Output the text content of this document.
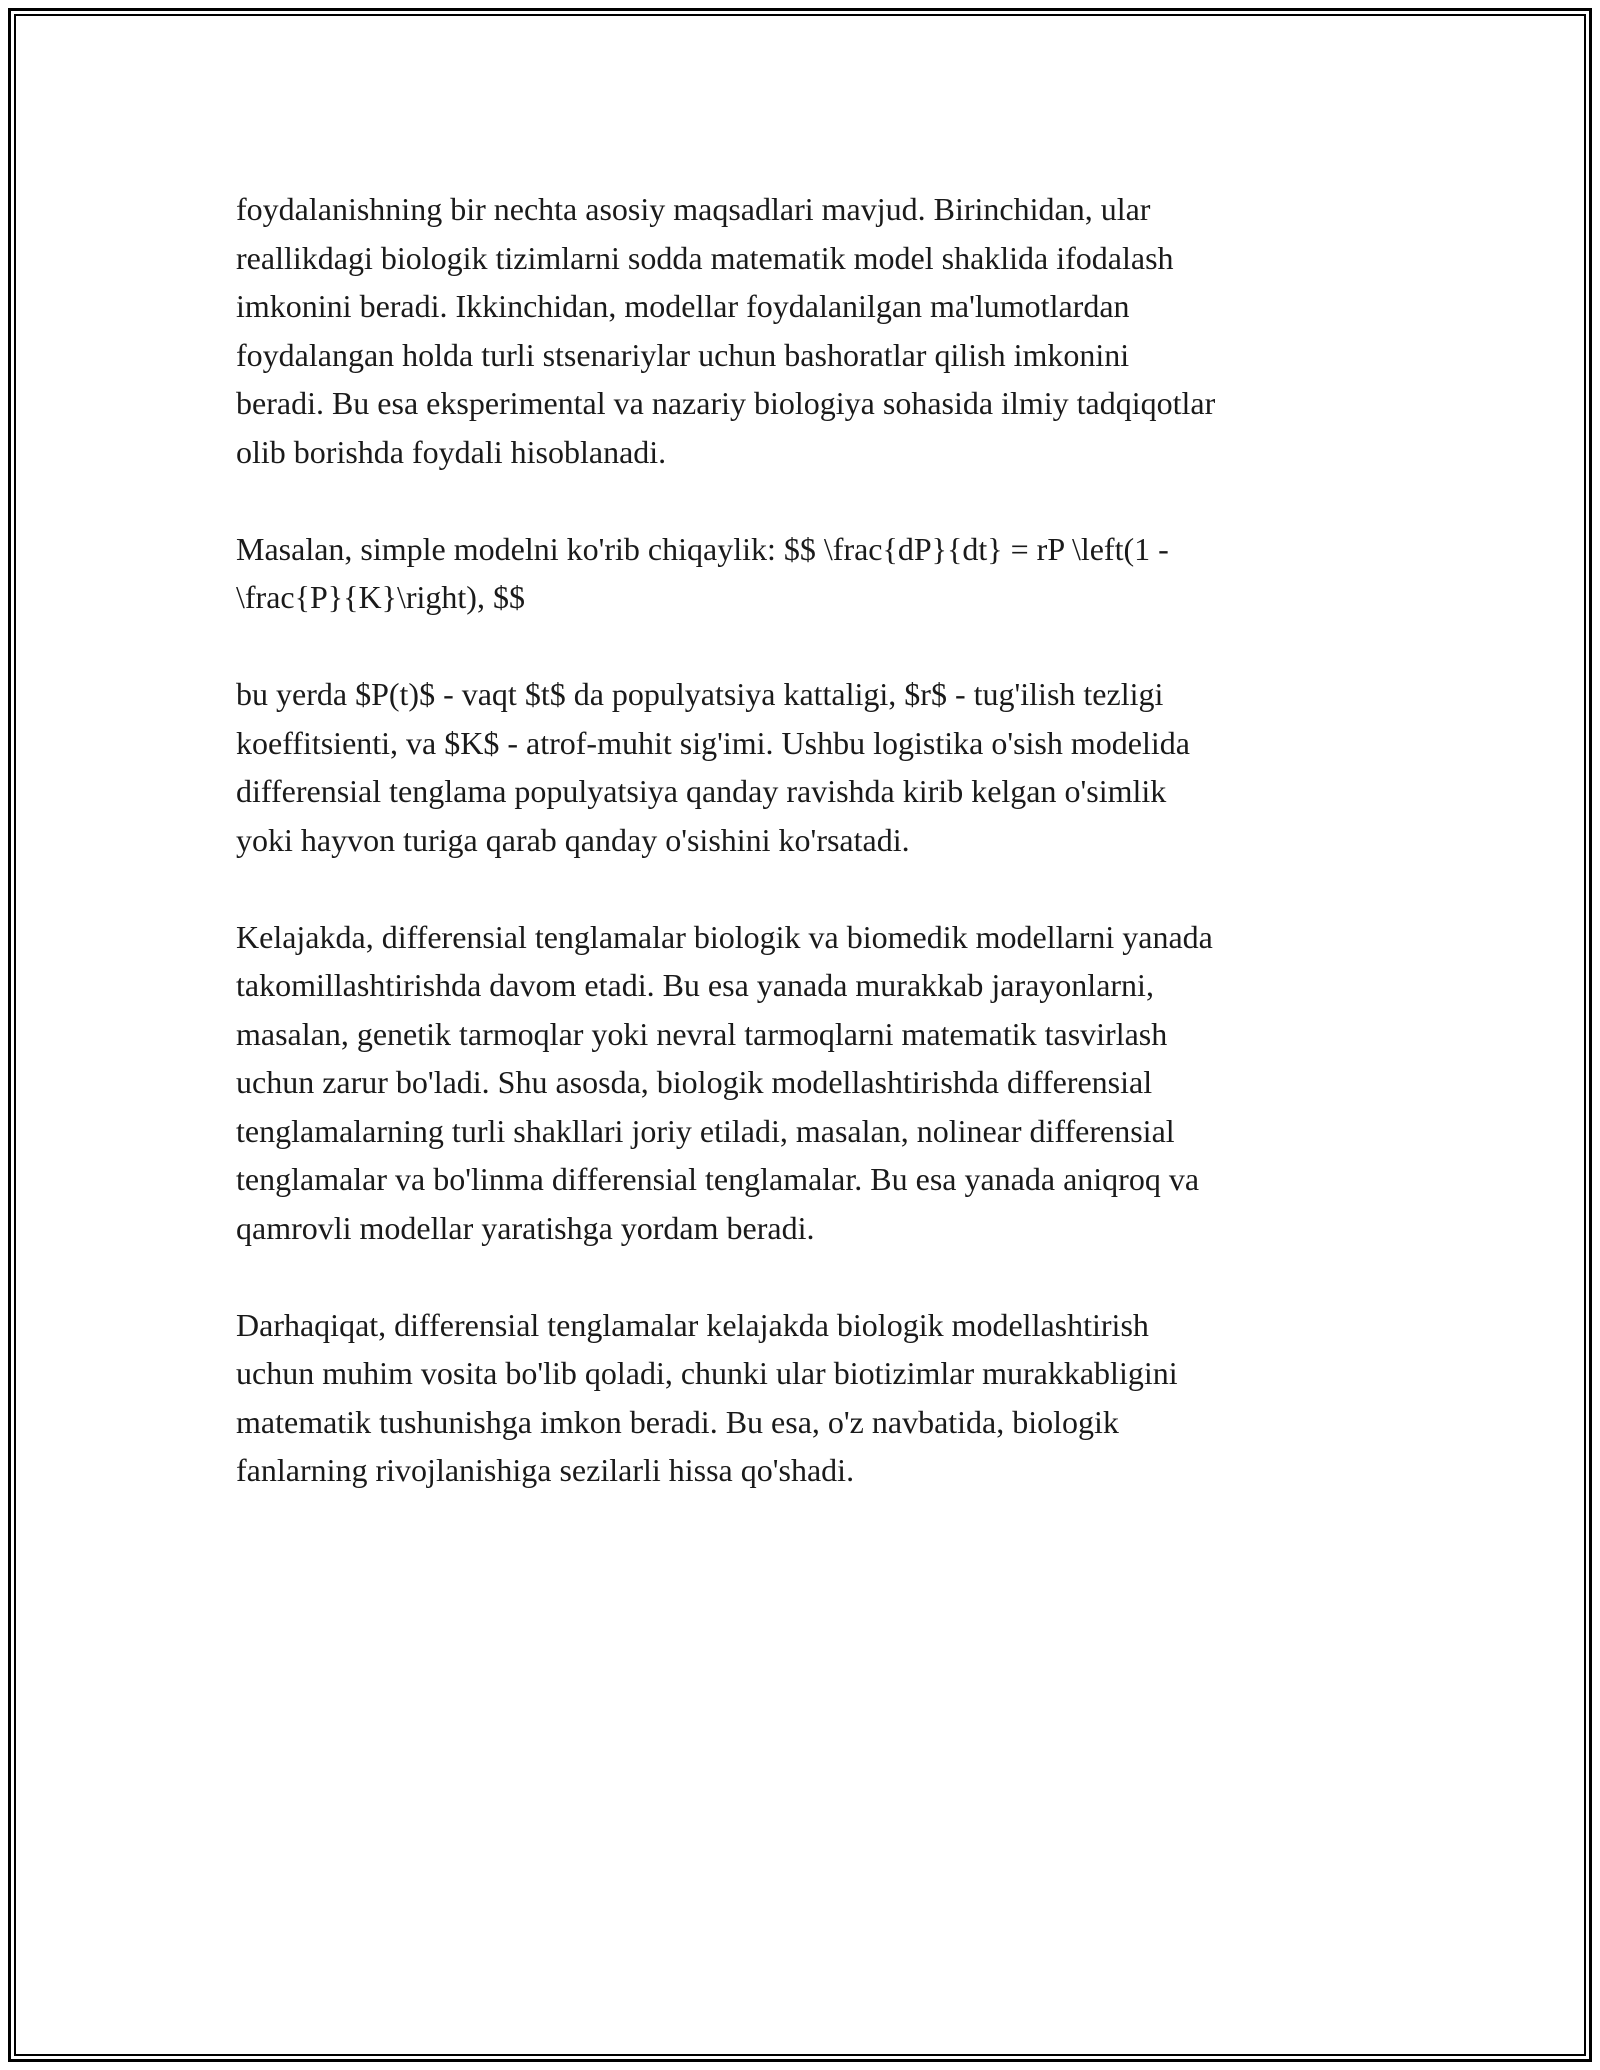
foydalanishning bir nechta asosiy maqsadlari mavjud. Birinchidan, ular
reallikdagi biologik tizimlarni sodda matematik model shaklida ifodalash
imkonini beradi. Ikkinchidan, modellar foydalanilgan ma'lumotlardan
foydalangan holda turli stsenariylar uchun bashoratlar qilish imkonini
beradi. Bu esa eksperimental va nazariy biologiya sohasida ilmiy tadqiqotlar
olib borishda foydali hisoblanadi.

Masalan, simple modelni ko'rib chiqaylik: $$ \frac{dP}{dt} = rP \left(1 -
\frac{P}{K}\right), $$

bu yerda $P(t)$ - vaqt $t$ da populyatsiya kattaligi, $r$ - tug'ilish tezligi
koeffitsienti, va $K$ - atrof-muhit sig'imi. Ushbu logistika o'sish modelida
differensial tenglama populyatsiya qanday ravishda kirib kelgan o'simlik
yoki hayvon turiga qarab qanday o'sishini ko'rsatadi.

Kelajakda, differensial tenglamalar biologik va biomedik modellarni yanada
takomillashtirishda davom etadi. Bu esa yanada murakkab jarayonlarni,
masalan, genetik tarmoqlar yoki nevral tarmoqlarni matematik tasvirlash
uchun zarur bo'ladi. Shu asosda, biologik modellashtirishda differensial
tenglamalarning turli shakllari joriy etiladi, masalan, nolinear differensial
tenglamalar va bo'linma differensial tenglamalar. Bu esa yanada aniqroq va
qamrovli modellar yaratishga yordam beradi.

Darhaqiqat, differensial tenglamalar kelajakda biologik modellashtirish
uchun muhim vosita bo'lib qoladi, chunki ular biotizimlar murakkabligini
matematik tushunishga imkon beradi. Bu esa, o'z navbatida, biologik
fanlarning rivojlanishiga sezilarli hissa qo'shadi.
